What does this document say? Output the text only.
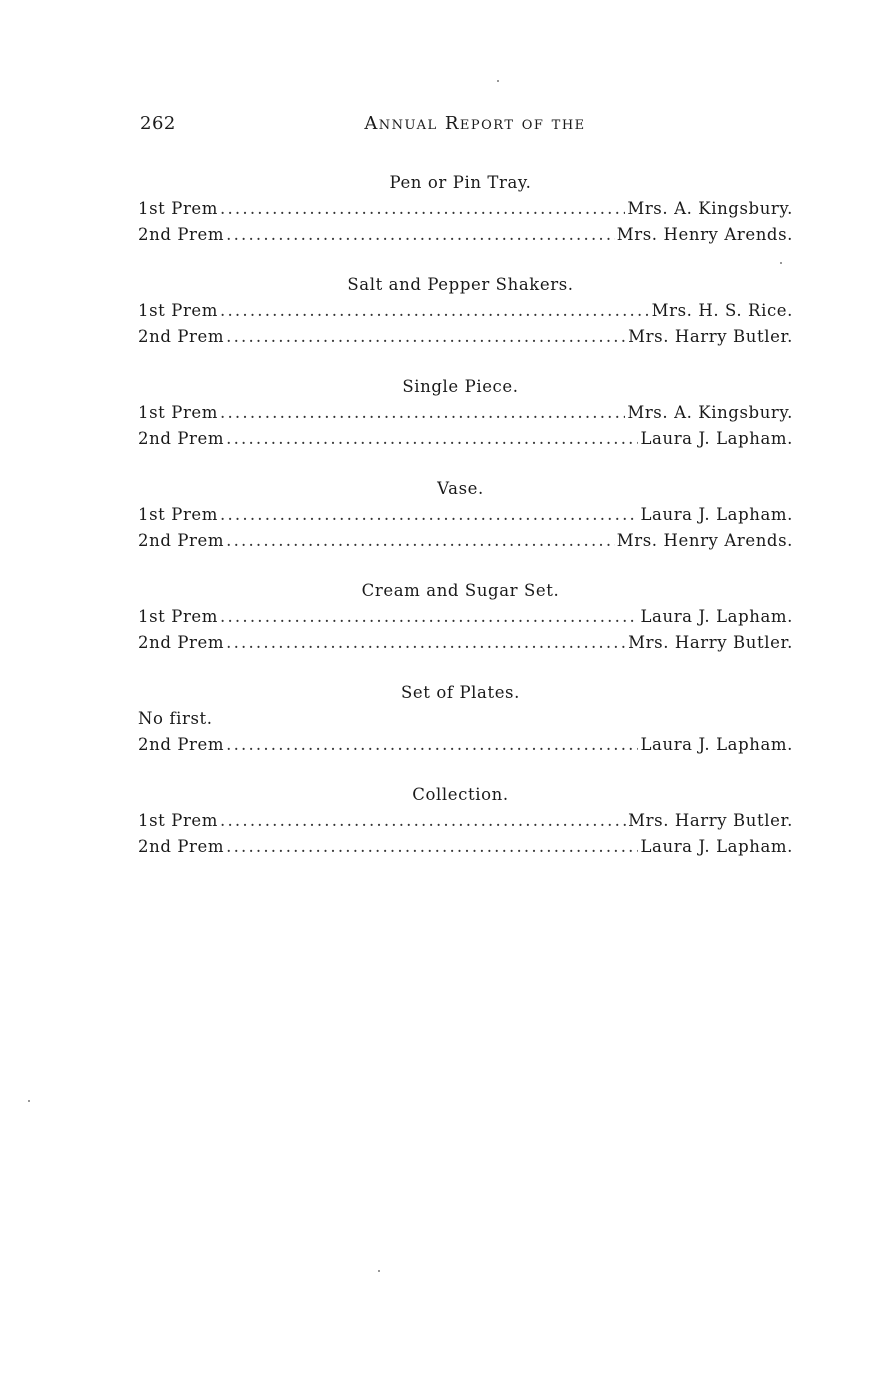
262	Annual Report of the
Pen or Pin Tray.
1st Prem .....	Mrs. A. Kingsbury.
2nd Prem .....	Mrs. Henry Arends.
Salt and Pepper Shakers.
1st Prem .....	Mrs. H. S. Rice.
2nd Prem .....	Mrs. Harry Butler.
Single Piece.
1st Prem .....	Mrs. A. Kingsbury.
2nd Prem .....	Laura J. Lapham.
Vase.
1st Prem .....	Laura J. Lapham.
2nd Prem .....	Mrs. Henry Arends.
Cream and Sugar Set.
1st Prem .....	Laura J. Lapham.
2nd Prem .....	Mrs. Harry Butler.
Set of Plates.
No first.
2nd Prem .....	Laura J. Lapham.
Collection.
1st Prem .....	Mrs. Harry Butler.
2nd Prem .....	Laura J. Lapham.
